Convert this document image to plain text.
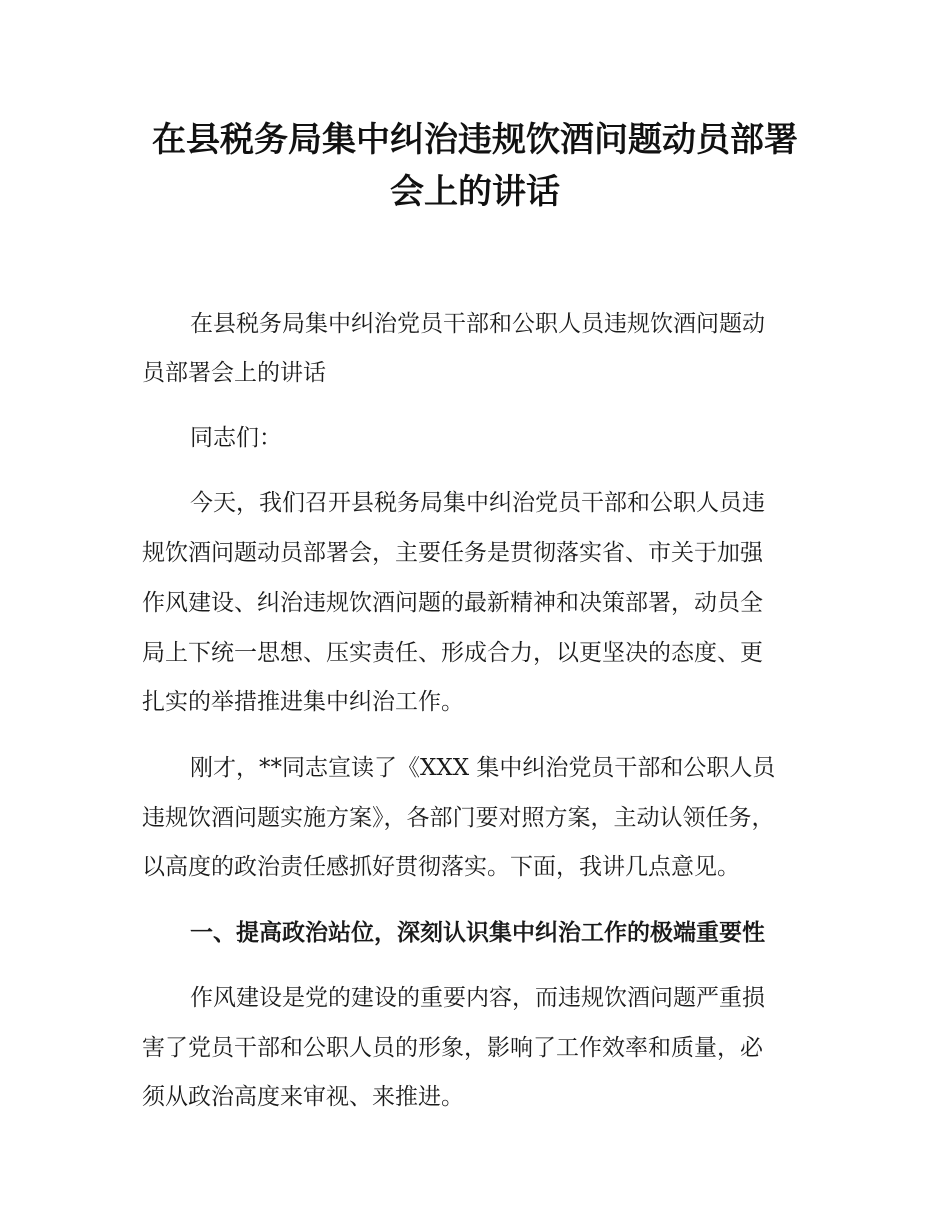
在县税务局集中纠治违规饮酒问题动员部署
会上的讲话

在县税务局集中纠治党员干部和公职人员违规饮酒问题动

员部署会上的讲话

同志们：

今天，我们召开县税务局集中纠治党员干部和公职人员违

规饮酒问题动员部署会，主要任务是贯彻落实省、市关于加强

作风建设、纠治违规饮酒问题的最新精神和决策部署，动员全

局上下统一思想、压实责任、形成合力，以更坚决的态度、更

扎实的举措推进集中纠治工作。

刚才，**同志宣读了《XXX 集中纠治党员干部和公职人员

违规饮酒问题实施方案》，各部门要对照方案，主动认领任务，

以高度的政治责任感抓好贯彻落实。下面，我讲几点意见。

一、提高政治站位，深刻认识集中纠治工作的极端重要性

作风建设是党的建设的重要内容，而违规饮酒问题严重损

害了党员干部和公职人员的形象，影响了工作效率和质量，必

须从政治高度来审视、来推进。
